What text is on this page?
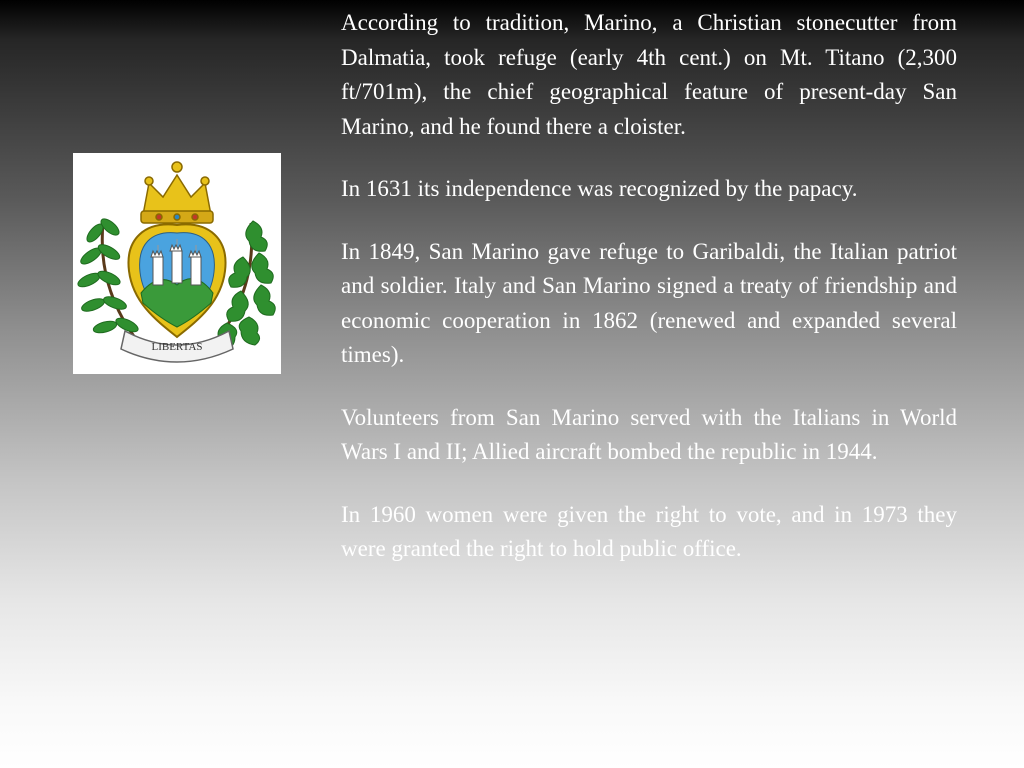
LIBERTAS

According to tradition, Marino, a Christian stonecutter from Dalmatia, took refuge (early 4th cent.) on Mt. Titano (2,300 ft/701m), the chief geographical feature of present-day San Marino, and he found there a cloister.

In 1631 its independence was recognized by the papacy.

In 1849, San Marino gave refuge to Garibaldi, the Italian patriot and soldier. Italy and San Marino signed a treaty of friendship and economic cooperation in 1862 (renewed and expanded several times).

Volunteers from San Marino served with the Italians in World Wars I and II; Allied aircraft bombed the republic in 1944.

In 1960 women were given the right to vote, and in 1973 they were granted the right to hold public office.
